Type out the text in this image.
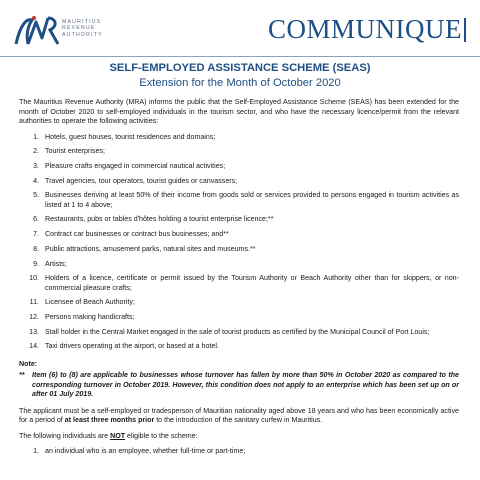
MAURITIUS
REVENUE
AUTHORITY	COMMUNIQUE
SELF-EMPLOYED ASSISTANCE SCHEME (SEAS)
Extension for the Month of October 2020

The Mauritius Revenue Authority (MRA) informs the public that the Self-Employed Assistance Scheme (SEAS) has been extended for the month of October 2020 to self-employed individuals in the tourism sector, and who have the necessary licence/permit from the relevant authorities to operate the following activities:

1. Hotels, guest houses, tourist residences and domains;
2. Tourist enterprises;
3. Pleasure crafts engaged in commercial nautical activities;
4. Travel agencies, tour operators, tourist guides or canvassers;
5. Businesses deriving at least 50% of their income from goods sold or services provided to persons engaged in tourism activities as listed at 1 to 4 above;
6. Restaurants, pubs or tables d'hôtes holding a tourist enterprise licence;**
7. Contract car businesses or contract bus businesses; and**
8. Public attractions, amusement parks, natural sites and museums.**
9. Artists;
10. Holders of a licence, certificate or permit issued by the Tourism Authority or Beach Authority other than for skippers, or non-commercial pleasure crafts;
11. Licensee of Beach Authority;
12. Persons making handicrafts;
13. Stall holder in the Central Market engaged in the sale of tourist products as certified by the Municipal Council of Port Louis;
14. Taxi drivers operating at the airport, or based at a hotel.
Note:
**	Item (6) to (8) are applicable to businesses whose turnover has fallen by more than 50% in October 2020 as compared to the corresponding turnover in October 2019. However, this condition does not apply to an enterprise which has been set up on or after 01 July 2019.

The applicant must be a self-employed or tradesperson of Mauritian nationality aged above 18 years and who has been economically active for a period of at least three months prior to the introduction of the sanitary curfew in Mauritius.

The following individuals are NOT eligible to the scheme:

1. an individual who is an employee, whether full-time or part-time;
